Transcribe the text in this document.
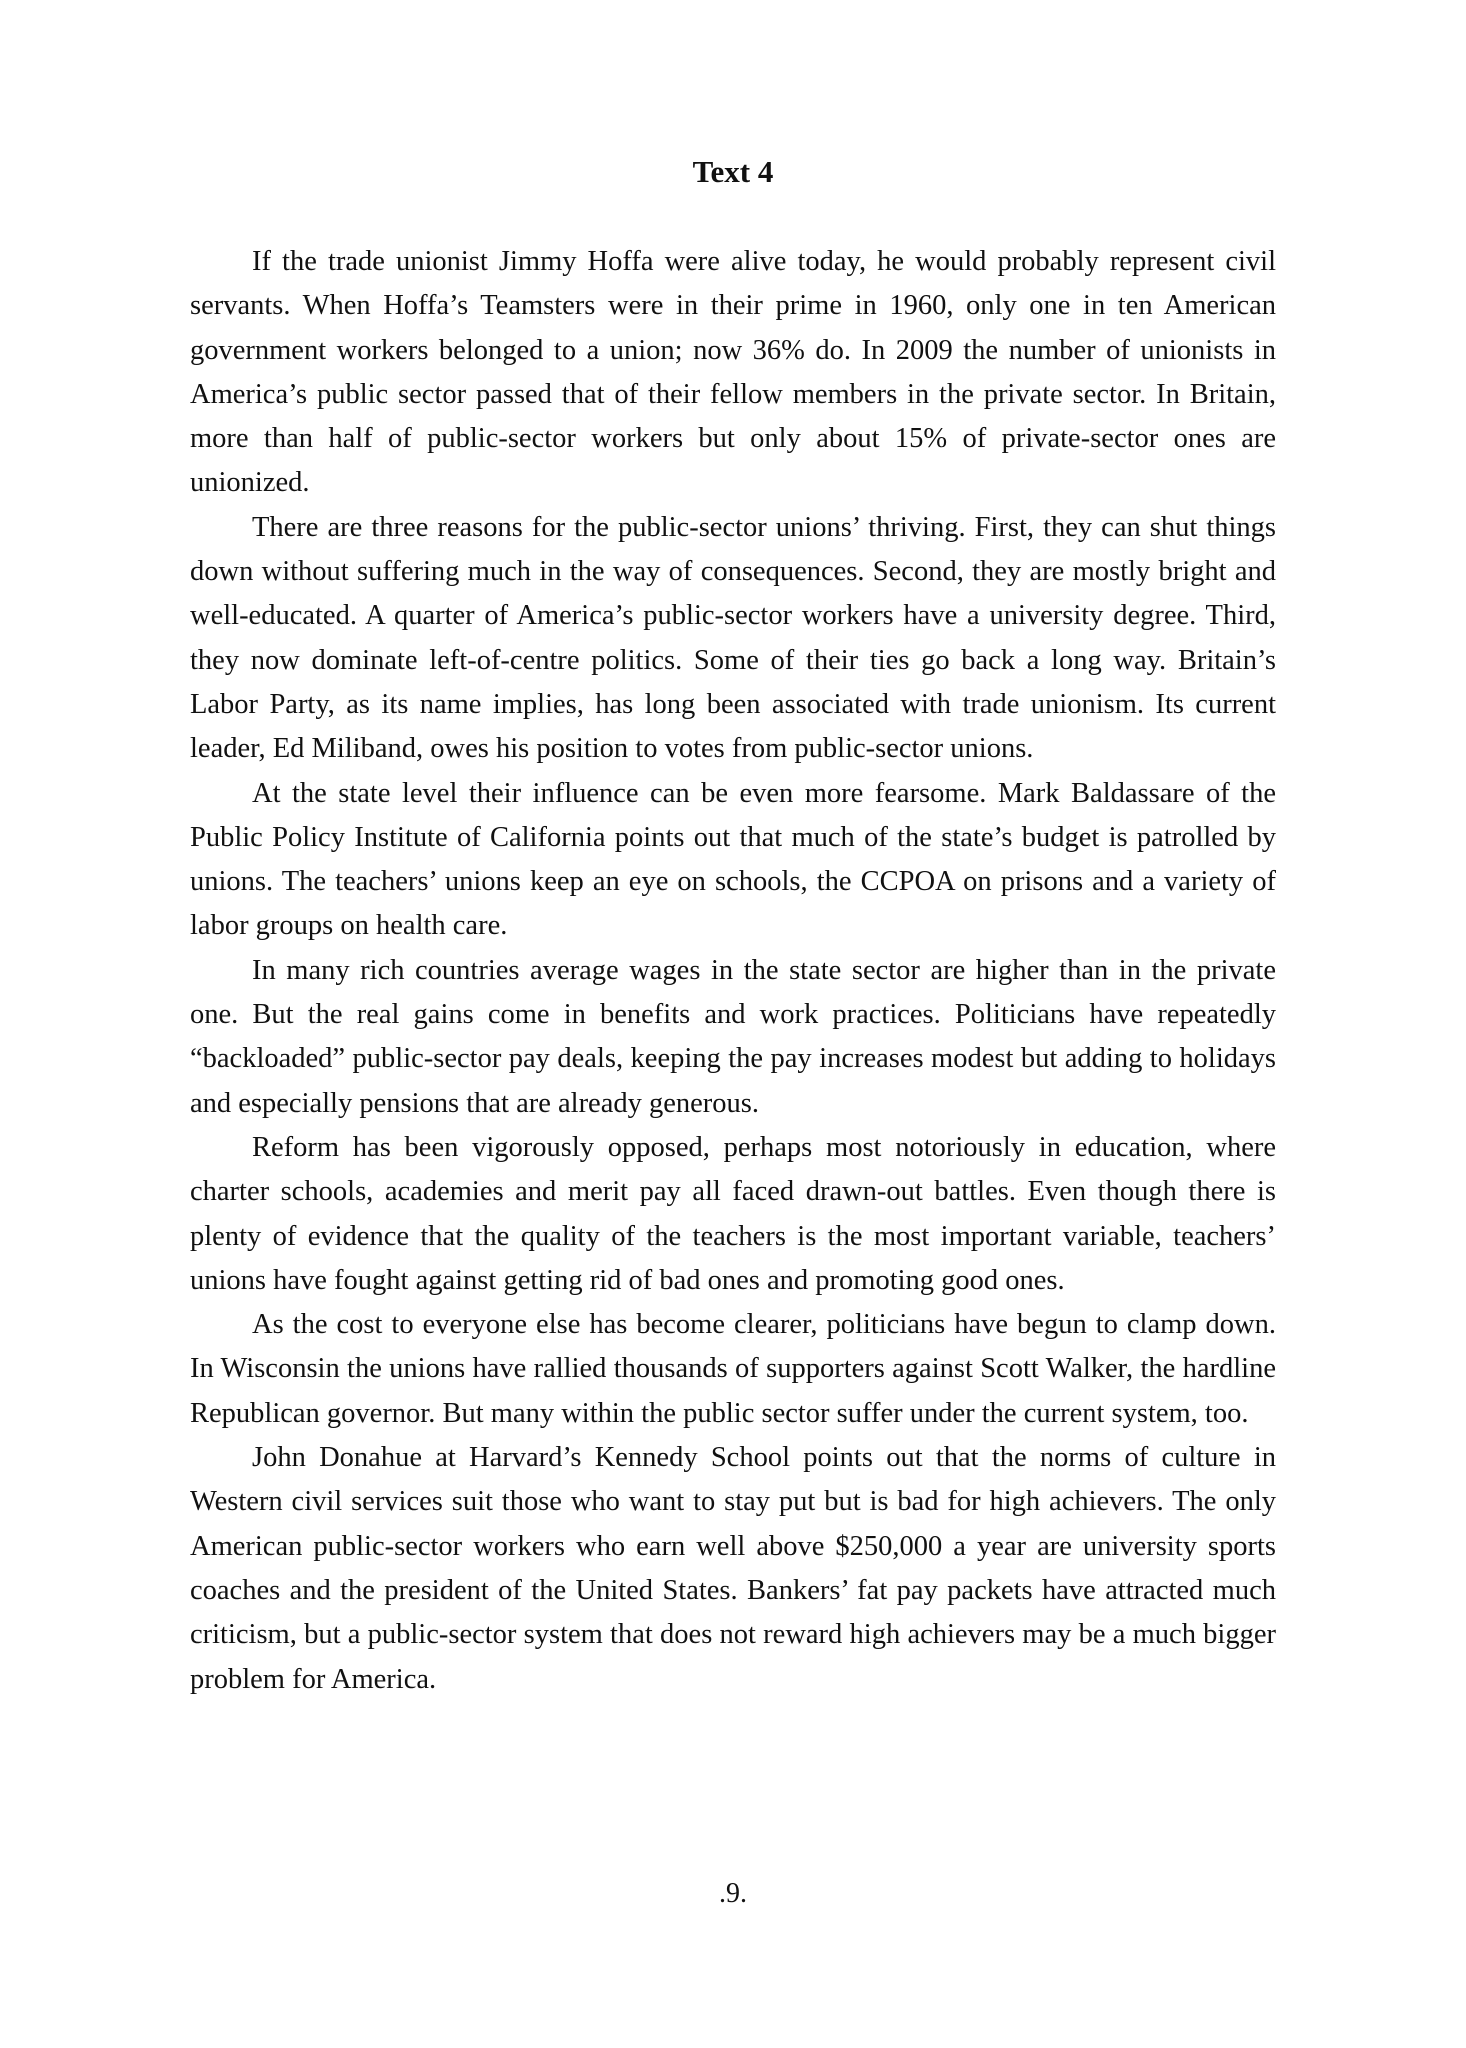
Text 4

If the trade unionist Jimmy Hoffa were alive today, he would probably represent civil servants. When Hoffa’s Teamsters were in their prime in 1960, only one in ten American government workers belonged to a union; now 36% do. In 2009 the number of unionists in America’s public sector passed that of their fellow members in the private sector. In Britain, more than half of public-sector workers but only about 15% of private-sector ones are unionized.

There are three reasons for the public-sector unions’ thriving. First, they can shut things down without suffering much in the way of consequences. Second, they are mostly bright and well-educated. A quarter of America’s public-sector workers have a university degree. Third, they now dominate left-of-centre politics. Some of their ties go back a long way. Britain’s Labor Party, as its name implies, has long been associated with trade unionism. Its current leader, Ed Miliband, owes his position to votes from public-sector unions.

At the state level their influence can be even more fearsome. Mark Baldassare of the Public Policy Institute of California points out that much of the state’s budget is patrolled by unions. The teachers’ unions keep an eye on schools, the CCPOA on prisons and a variety of labor groups on health care.

In many rich countries average wages in the state sector are higher than in the private one. But the real gains come in benefits and work practices. Politicians have repeatedly “backloaded” public-sector pay deals, keeping the pay increases modest but adding to holidays and especially pensions that are already generous.

Reform has been vigorously opposed, perhaps most notoriously in education, where charter schools, academies and merit pay all faced drawn-out battles. Even though there is plenty of evidence that the quality of the teachers is the most important variable, teachers’ unions have fought against getting rid of bad ones and promoting good ones.

As the cost to everyone else has become clearer, politicians have begun to clamp down. In Wisconsin the unions have rallied thousands of supporters against Scott Walker, the hardline Republican governor. But many within the public sector suffer under the current system, too.

John Donahue at Harvard’s Kennedy School points out that the norms of culture in Western civil services suit those who want to stay put but is bad for high achievers. The only American public-sector workers who earn well above $250,000 a year are university sports coaches and the president of the United States. Bankers’ fat pay packets have attracted much criticism, but a public-sector system that does not reward high achievers may be a much bigger problem for America.

.9.
